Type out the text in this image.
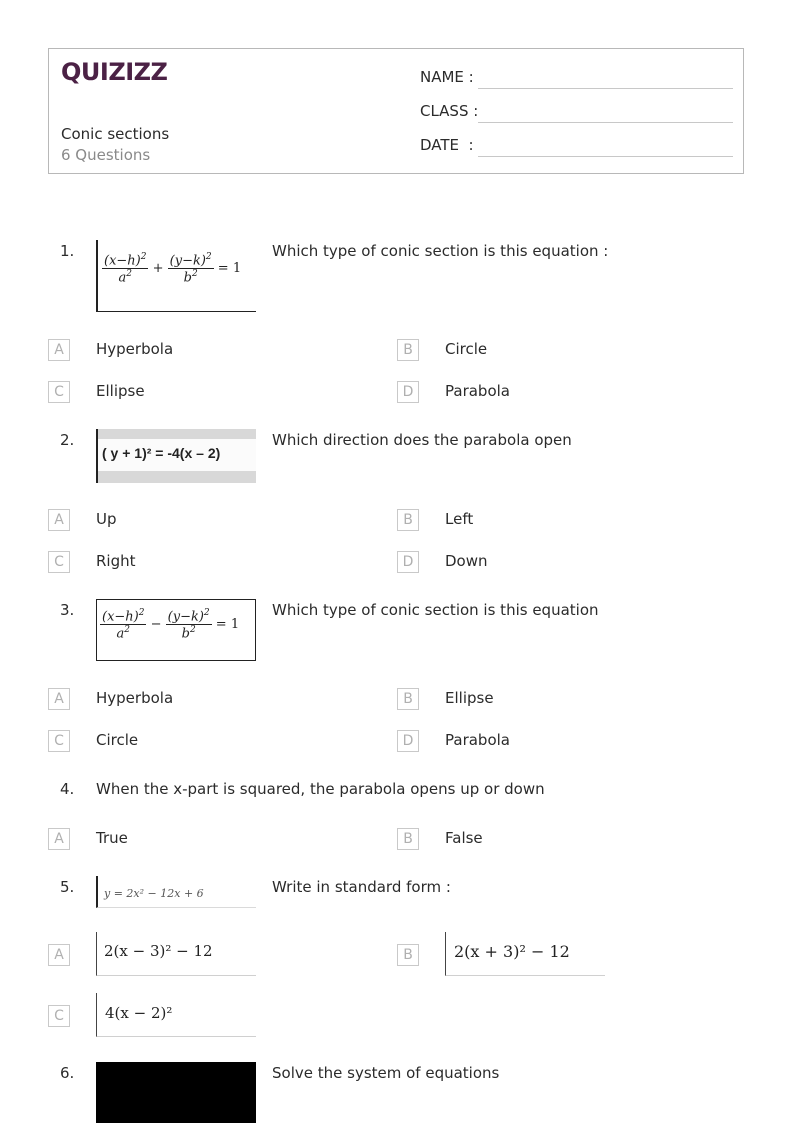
QUIZIZZ
Conic sections
6 Questions
NAME :
CLASS :
DATE  :
1.
$\frac{(x-h)^2}{a^2} + \frac{(y-k)^2}{b^2} = 1$
Which type of conic section is this equation :
A	Hyperbola	B	Circle
C	Ellipse	D	Parabola
2.
( y + 1)² = -4(x – 2)
Which direction does the parabola open
A	Up	B	Left
C	Right	D	Down
3. $\frac{(x-h)^2}{a^2} - \frac{(y-k)^2}{b^2} = 1$
Which type of conic section is this equation
A	Hyperbola	B	Ellipse
C	Circle	D	Parabola
4. When the x-part is squared, the parabola opens up or down
A	True	B	False
5.	y = 2x² − 12x + 6	Write in standard form :
A	2(x − 3)² − 12	B	2(x + 3)² − 12
C	4(x − 2)²
6.	Solve the system of equations
